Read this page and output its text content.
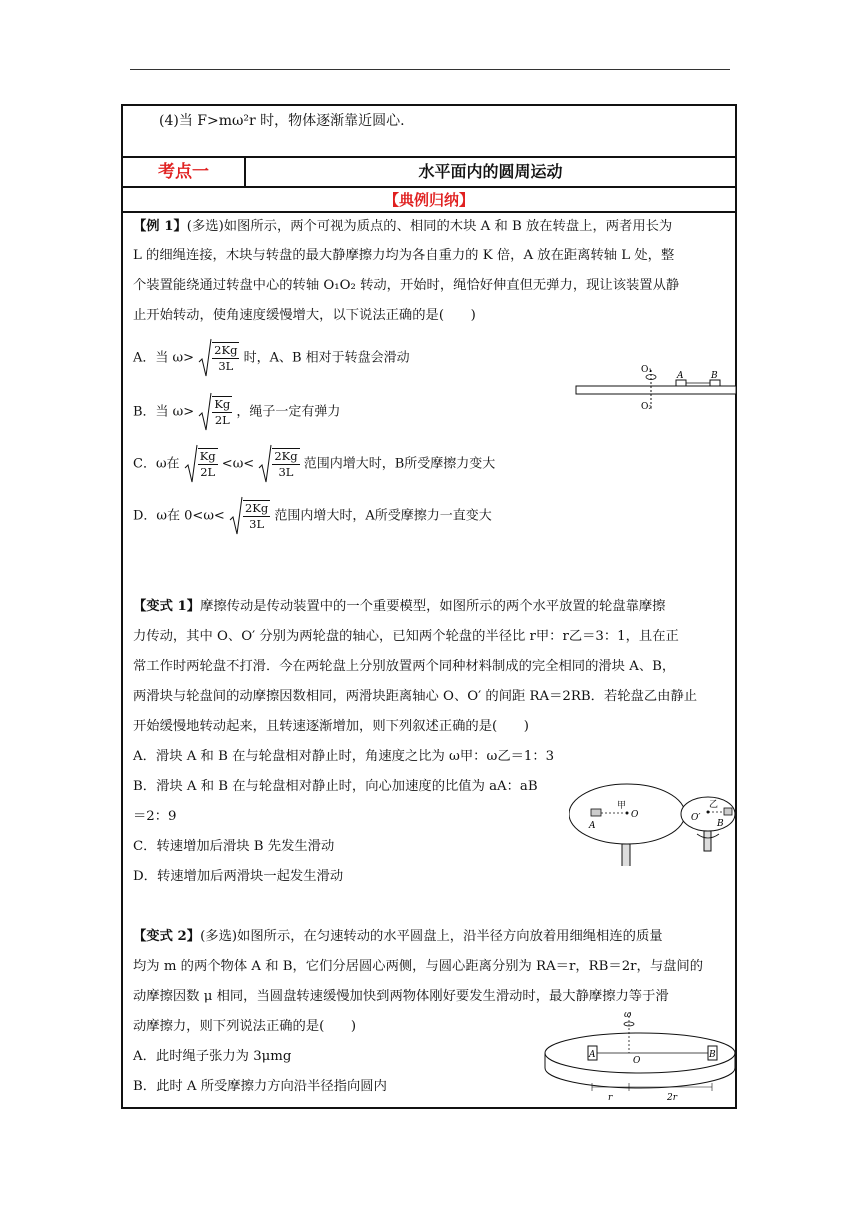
(4)当 F>mω²r 时，物体逐渐靠近圆心.
考点一	水平面内的圆周运动
【典例归纳】
【例 1】(多选)如图所示，两个可视为质点的、相同的木块 A 和 B 放在转盘上，两者用长为
L 的细绳连接，木块与转盘的最大静摩擦力均为各自重力的 K 倍，A 放在距离转轴 L 处，整
个装置能绕通过转盘中心的转轴 O₁O₂ 转动，开始时，绳恰好伸直但无弹力，现让该装置从静
止开始转动，使角速度缓慢增大，以下说法正确的是(　　)
A．当 $\omega> \frac{2Kg}{3L}$ 时，A、B 相对于转盘会滑动
B．当 $\omega> \frac{Kg}{2L}$ ，绳子一定有弹力
C．ω在 $\frac{Kg}{2L} <\omega< \frac{2Kg}{3L}$ 范围内增大时，B所受摩擦力变大
D．ω在 $0<\omega< \frac{2Kg}{3L}$ 范围内增大时，A所受摩擦力一直变大
O₁
O₂
A	B
【变式 1】摩擦传动是传动装置中的一个重要模型，如图所示的两个水平放置的轮盘靠摩擦
力传动，其中 O、O′ 分别为两轮盘的轴心，已知两个轮盘的半径比 r甲：r乙＝3：1，且在正
常工作时两轮盘不打滑．今在两轮盘上分别放置两个同种材料制成的完全相同的滑块 A、B，
两滑块与轮盘间的动摩擦因数相同，两滑块距离轴心 O、O′ 的间距 RA＝2RB．若轮盘乙由静止
开始缓慢地转动起来，且转速逐渐增加，则下列叙述正确的是(　　)
A．滑块 A 和 B 在与轮盘相对静止时，角速度之比为 ω甲：ω乙＝1：3
B．滑块 A 和 B 在与轮盘相对静止时，向心加速度的比值为 aA：aB
＝2：9
C．转速增加后滑块 B 先发生滑动
D．转速增加后两滑块一起发生滑动
甲
O
A
乙
O′
B
【变式 2】(多选)如图所示，在匀速转动的水平圆盘上，沿半径方向放着用细绳相连的质量
均为 m 的两个物体 A 和 B，它们分居圆心两侧，与圆心距离分别为 RA＝r，RB＝2r，与盘间的
动摩擦因数 μ 相同，当圆盘转速缓慢加快到两物体刚好要发生滑动时，最大静摩擦力等于滑
动摩擦力，则下列说法正确的是(　　)
A．此时绳子张力为 3μmg
B．此时 A 所受摩擦力方向沿半径指向圆内
ω
A	B
O
r	2r
